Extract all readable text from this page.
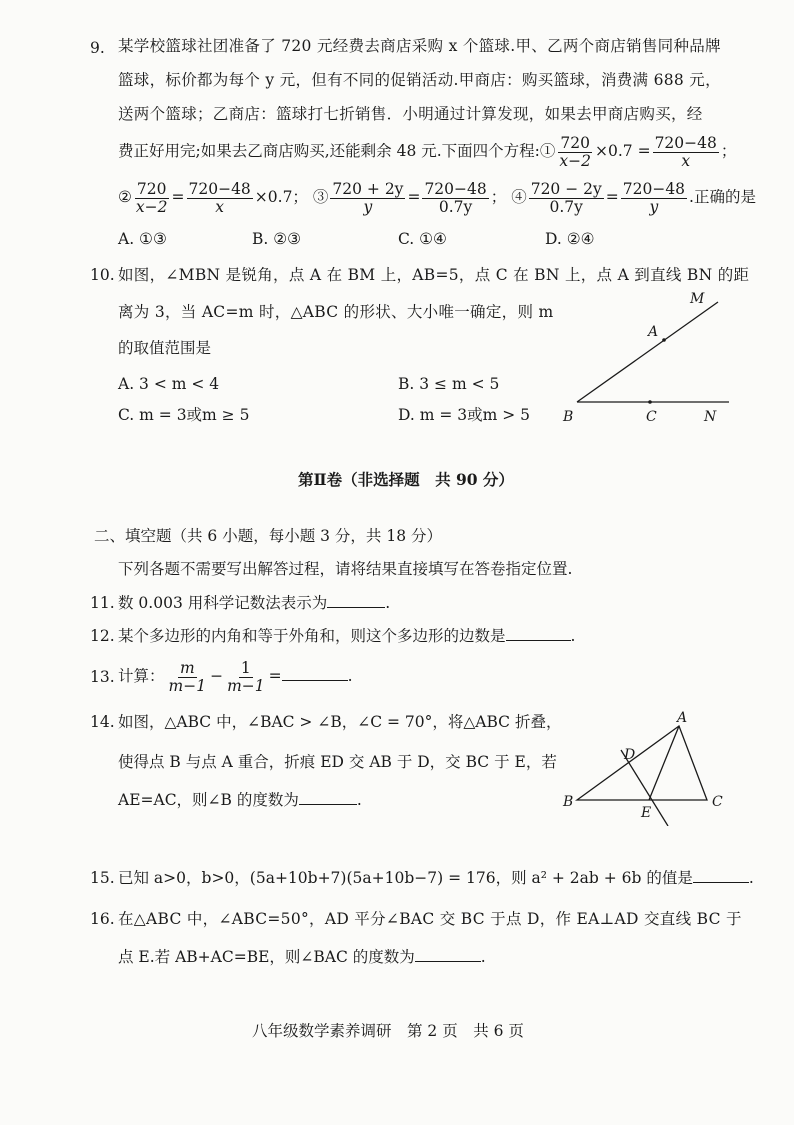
9. 某学校篮球社团准备了 720 元经费去商店采购 x 个篮球.甲、乙两个商店销售同种品牌
篮球，标价都为每个 y 元，但有不同的促销活动.甲商店：购买篮球，消费满 688 元，
送两个篮球；乙商店：篮球打七折销售．小明通过计算发现，如果去甲商店购买，经
费正好用完;如果去乙商店购买,还能剩余 48 元.下面四个方程:① $\frac{720}{x-2} \times 0.7 = \frac{720-48}{x}$ ；
② $\frac{720}{x-2} = \frac{720-48}{x} \times 0.7$； ③ $\frac{720 + 2y}{y} = \frac{720-48}{0.7y}$ ； ④ $\frac{720 - 2y}{0.7y} = \frac{720-48}{y}$ .正确的是
A. ①③	B. ②③	C. ①④	D. ②④
10. 如图，∠MBN 是锐角，点 A 在 BM 上，AB=5，点 C 在 BN 上，点 A 到直线 BN 的距
离为 3，当 AC=m 时，△ABC 的形状、大小唯一确定，则 m
的取值范围是
A. 3 < m < 4	B. 3 ≤ m < 5
C. m = 3或m ≥ 5	D. m = 3或m > 5
M
A
B	C	N
第Ⅱ卷（非选择题　共 90 分）
二、填空题（共 6 小题，每小题 3 分，共 18 分）
下列各题不需要写出解答过程，请将结果直接填写在答卷指定位置.
11. 数 0.003 用科学记数法表示为	.
12. 某个多边形的内角和等于外角和，则这个多边形的边数是	.
13. 计算： $\frac{m}{m-1} - \frac{1}{m-1}$ =	.
14. 如图，△ABC 中，∠BAC > ∠B，∠C = 70°，将△ABC 折叠，
使得点 B 与点 A 重合，折痕 ED 交 AB 于 D，交 BC 于 E，若
AE=AC，则∠B 的度数为	.
A
B	C
D
E
15. 已知 a>0，b>0，(5a+10b+7)(5a+10b−7) = 176，则 a² + 2ab + 6b 的值是	.
16. 在△ABC 中，∠ABC=50°，AD 平分∠BAC 交 BC 于点 D，作 EA⊥AD 交直线 BC 于
点 E.若 AB+AC=BE，则∠BAC 的度数为	.
八年级数学素养调研　第 2 页　共 6 页
